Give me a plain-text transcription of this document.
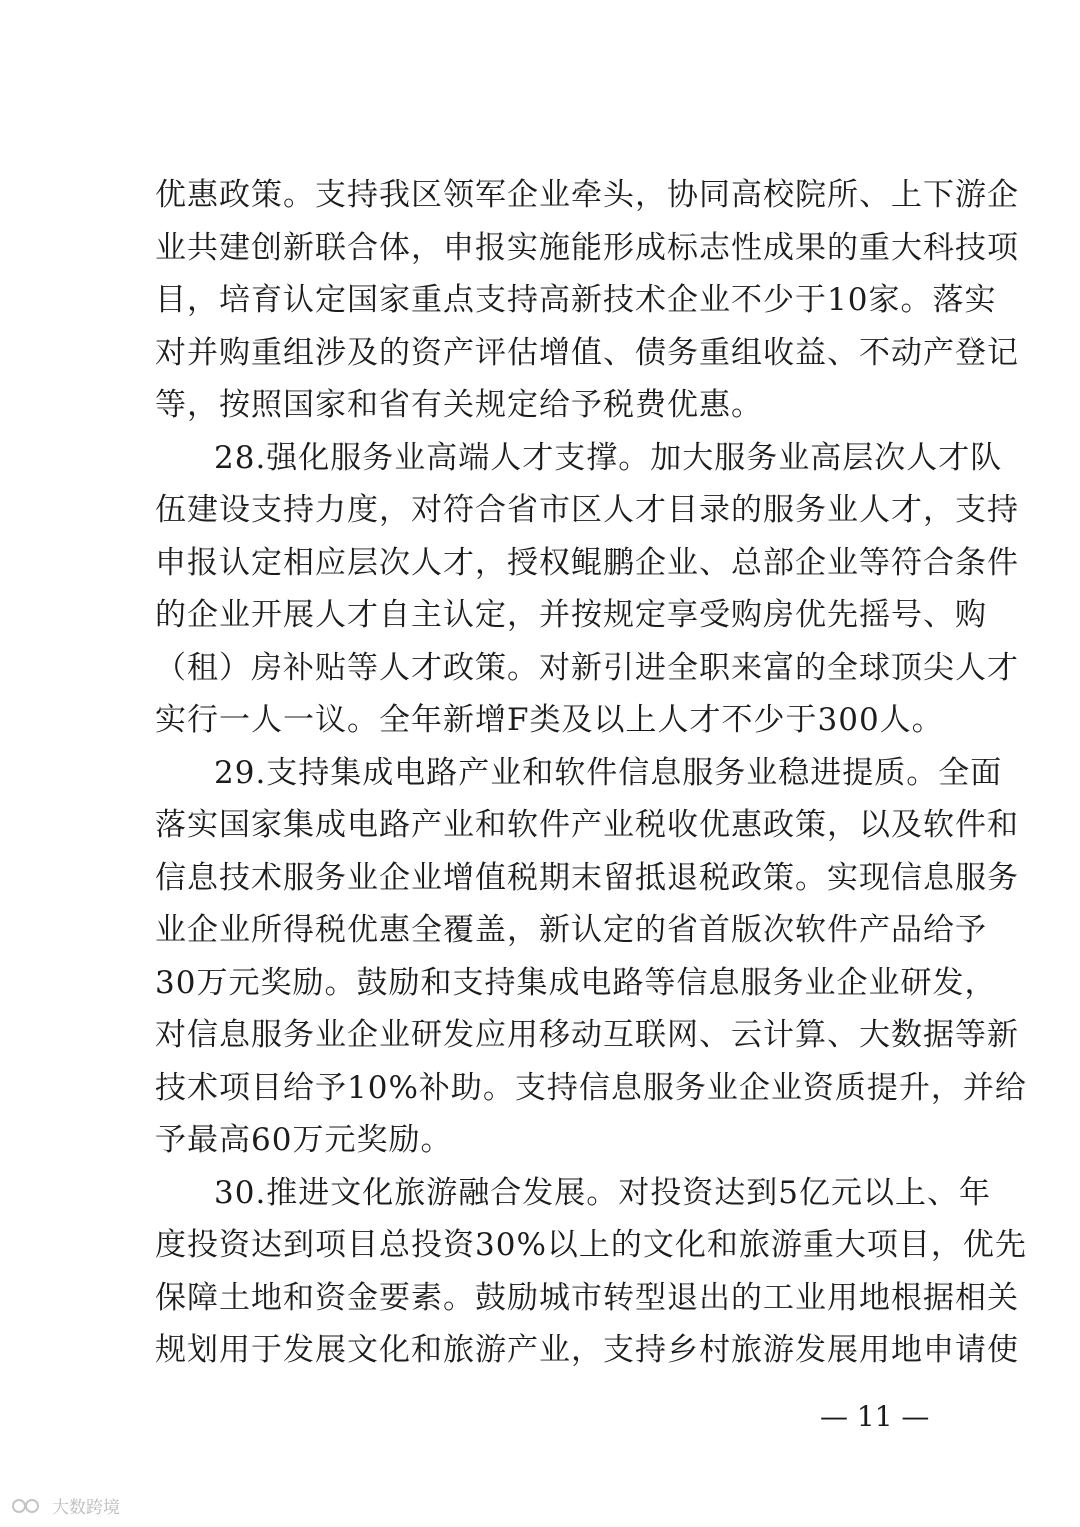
优惠政策。支持我区领军企业牵头，协同高校院所、上下游企
业共建创新联合体，申报实施能形成标志性成果的重大科技项
目，培育认定国家重点支持高新技术企业不少于10家。落实
对并购重组涉及的资产评估增值、债务重组收益、不动产登记
等，按照国家和省有关规定给予税费优惠。
28.强化服务业高端人才支撑。加大服务业高层次人才队
伍建设支持力度，对符合省市区人才目录的服务业人才，支持
申报认定相应层次人才，授权鲲鹏企业、总部企业等符合条件
的企业开展人才自主认定，并按规定享受购房优先摇号、购
（租）房补贴等人才政策。对新引进全职来富的全球顶尖人才
实行一人一议。全年新增F类及以上人才不少于300人。
29.支持集成电路产业和软件信息服务业稳进提质。全面
落实国家集成电路产业和软件产业税收优惠政策，以及软件和
信息技术服务业企业增值税期末留抵退税政策。实现信息服务
业企业所得税优惠全覆盖，新认定的省首版次软件产品给予
30万元奖励。鼓励和支持集成电路等信息服务业企业研发，
对信息服务业企业研发应用移动互联网、云计算、大数据等新
技术项目给予10%补助。支持信息服务业企业资质提升，并给
予最高60万元奖励。
30.推进文化旅游融合发展。对投资达到5亿元以上、年
度投资达到项目总投资30%以上的文化和旅游重大项目，优先
保障土地和资金要素。鼓励城市转型退出的工业用地根据相关
规划用于发展文化和旅游产业，支持乡村旅游发展用地申请使
— 11 —
大数跨境
